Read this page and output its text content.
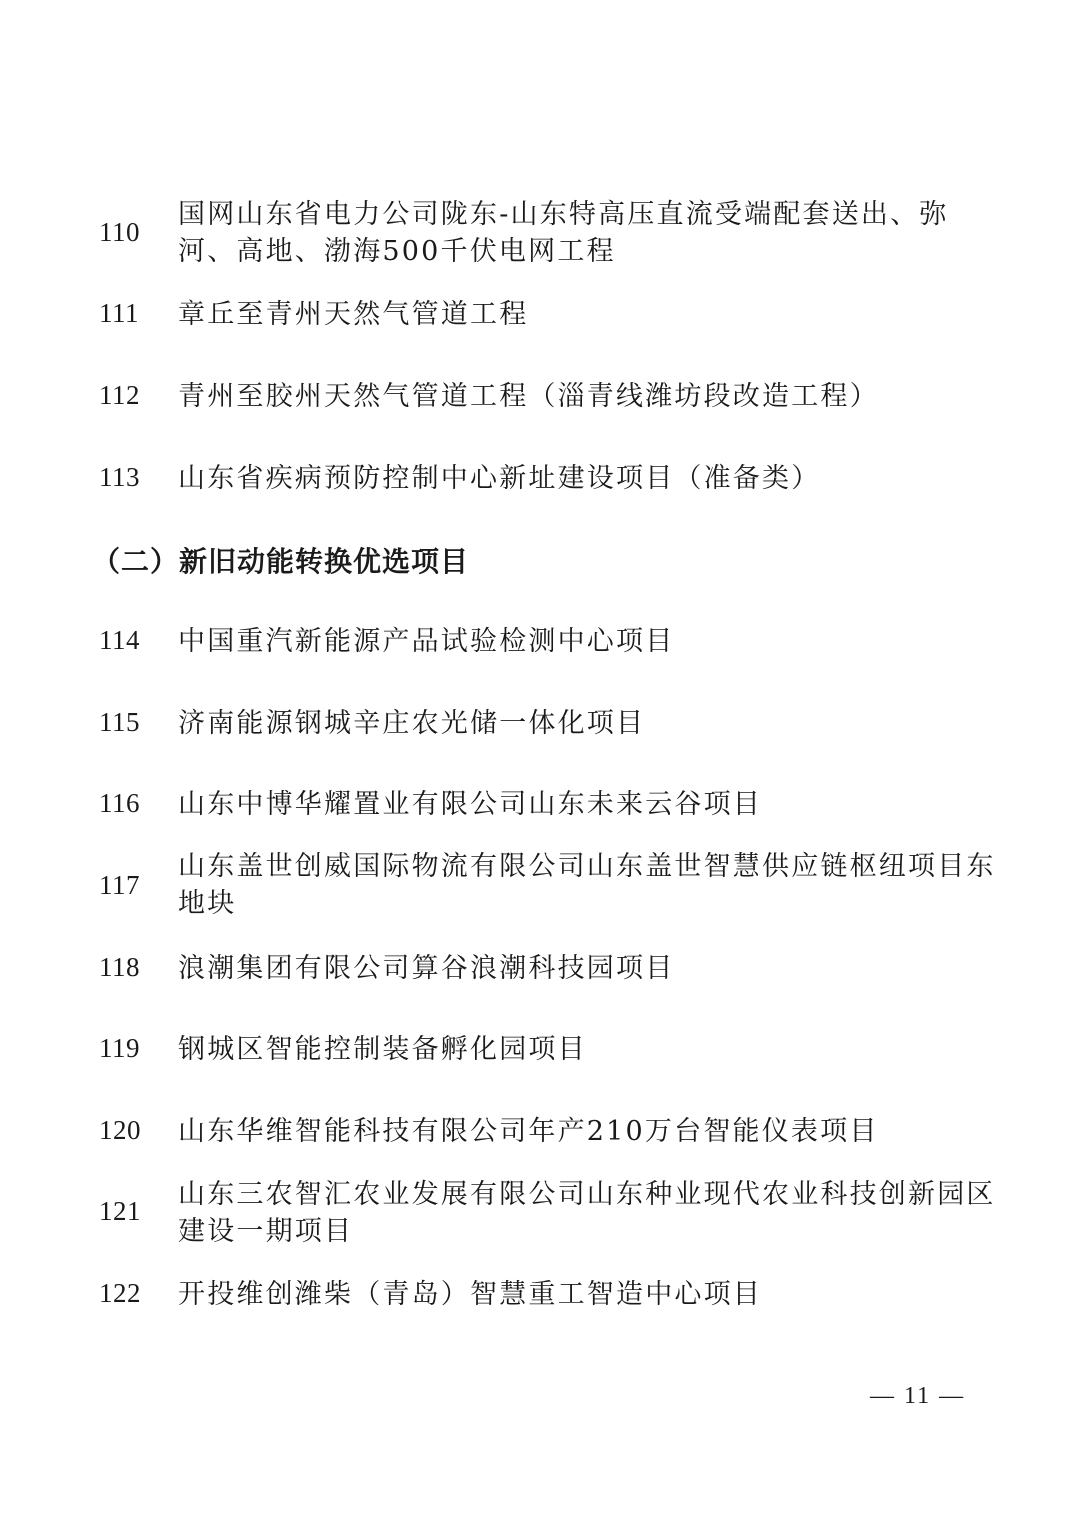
110
国网山东省电力公司陇东-山东特高压直流受端配套送出、弥河、高地、渤海500千伏电网工程
111 章丘至青州天然气管道工程
112 青州至胶州天然气管道工程（淄青线潍坊段改造工程）
113 山东省疾病预防控制中心新址建设项目（准备类）
（二）新旧动能转换优选项目
114 中国重汽新能源产品试验检测中心项目
115 济南能源钢城辛庄农光储一体化项目
116 山东中博华耀置业有限公司山东未来云谷项目
117
山东盖世创威国际物流有限公司山东盖世智慧供应链枢纽项目东地块
118 浪潮集团有限公司算谷浪潮科技园项目
119 钢城区智能控制装备孵化园项目
120 山东华维智能科技有限公司年产210万台智能仪表项目
121
山东三农智汇农业发展有限公司山东种业现代农业科技创新园区建设一期项目
122 开投维创潍柴（青岛）智慧重工智造中心项目
— 11 —
